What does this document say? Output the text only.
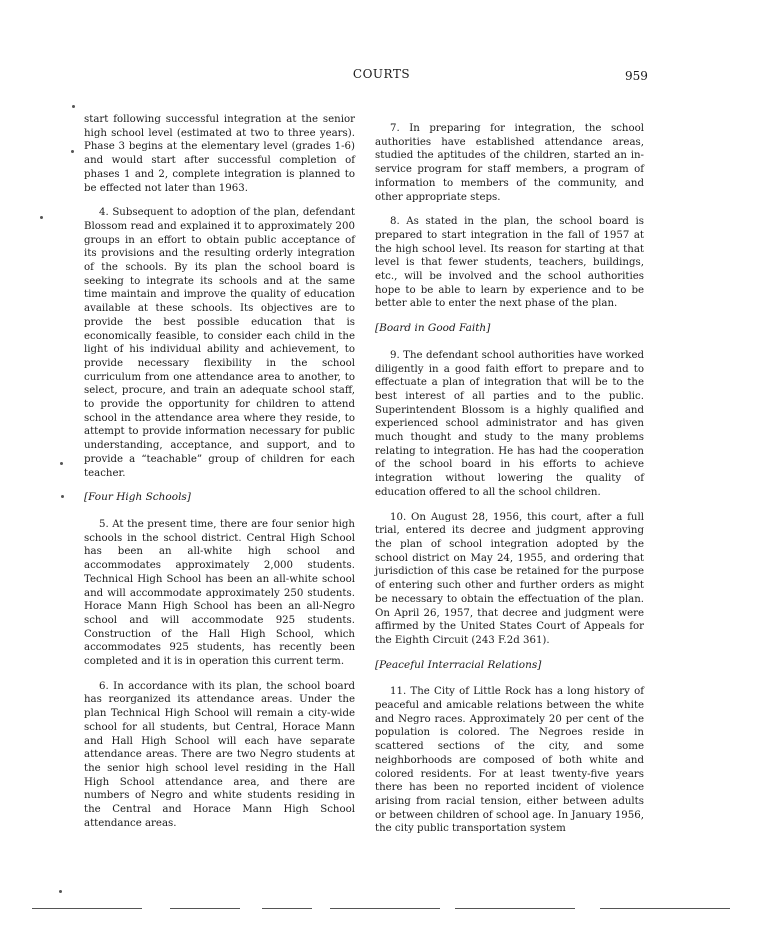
COURTS	959

start following successful integration at the senior high school level (estimated at two to three years). Phase 3 begins at the elementary level (grades 1-6) and would start after successful completion of phases 1 and 2, complete integration is planned to be effected not later than 1963.

4. Subsequent to adoption of the plan, defendant Blossom read and explained it to approximately 200 groups in an effort to obtain public acceptance of its provisions and the resulting orderly integration of the schools. By its plan the school board is seeking to integrate its schools and at the same time maintain and improve the quality of education available at these schools. Its objectives are to provide the best possible education that is economically feasible, to consider each child in the light of his individual ability and achievement, to provide necessary flexibility in the school curriculum from one attendance area to another, to select, procure, and train an adequate school staff, to provide the opportunity for children to attend school in the attendance area where they reside, to attempt to provide information necessary for public understanding, acceptance, and support, and to provide a “teachable” group of children for each teacher.

[Four High Schools]

5. At the present time, there are four senior high schools in the school district. Central High School has been an all-white high school and accommodates approximately 2,000 students. Technical High School has been an all-white school and will accommodate approximately 250 students. Horace Mann High School has been an all-Negro school and will accommodate 925 students. Construction of the Hall High School, which accommodates 925 students, has recently been completed and it is in operation this current term.

6. In accordance with its plan, the school board has reorganized its attendance areas. Under the plan Technical High School will remain a city-wide school for all students, but Central, Horace Mann and Hall High School will each have separate attendance areas. There are two Negro students at the senior high school level residing in the Hall High School attendance area, and there are numbers of Negro and white students residing in the Central and Horace Mann High School attendance areas.

7. In preparing for integration, the school authorities have established attendance areas, studied the aptitudes of the children, started an in-service program for staff members, a program of information to members of the community, and other appropriate steps.

8. As stated in the plan, the school board is prepared to start integration in the fall of 1957 at the high school level. Its reason for starting at that level is that fewer students, teachers, buildings, etc., will be involved and the school authorities hope to be able to learn by experience and to be better able to enter the next phase of the plan.

[Board in Good Faith]

9. The defendant school authorities have worked diligently in a good faith effort to prepare and to effectuate a plan of integration that will be to the best interest of all parties and to the public. Superintendent Blossom is a highly qualified and experienced school administrator and has given much thought and study to the many problems relating to integration. He has had the cooperation of the school board in his efforts to achieve integration without lowering the quality of education offered to all the school children.

10. On August 28, 1956, this court, after a full trial, entered its decree and judgment approving the plan of school integration adopted by the school district on May 24, 1955, and ordering that jurisdiction of this case be retained for the purpose of entering such other and further orders as might be necessary to obtain the effectuation of the plan. On April 26, 1957, that decree and judgment were affirmed by the United States Court of Appeals for the Eighth Circuit (243 F.2d 361).

[Peaceful Interracial Relations]

11. The City of Little Rock has a long history of peaceful and amicable relations between the white and Negro races. Approximately 20 per cent of the population is colored. The Negroes reside in scattered sections of the city, and some neighborhoods are composed of both white and colored residents. For at least twenty-five years there has been no reported incident of violence arising from racial tension, either between adults or between children of school age. In January 1956, the city public transportation system
